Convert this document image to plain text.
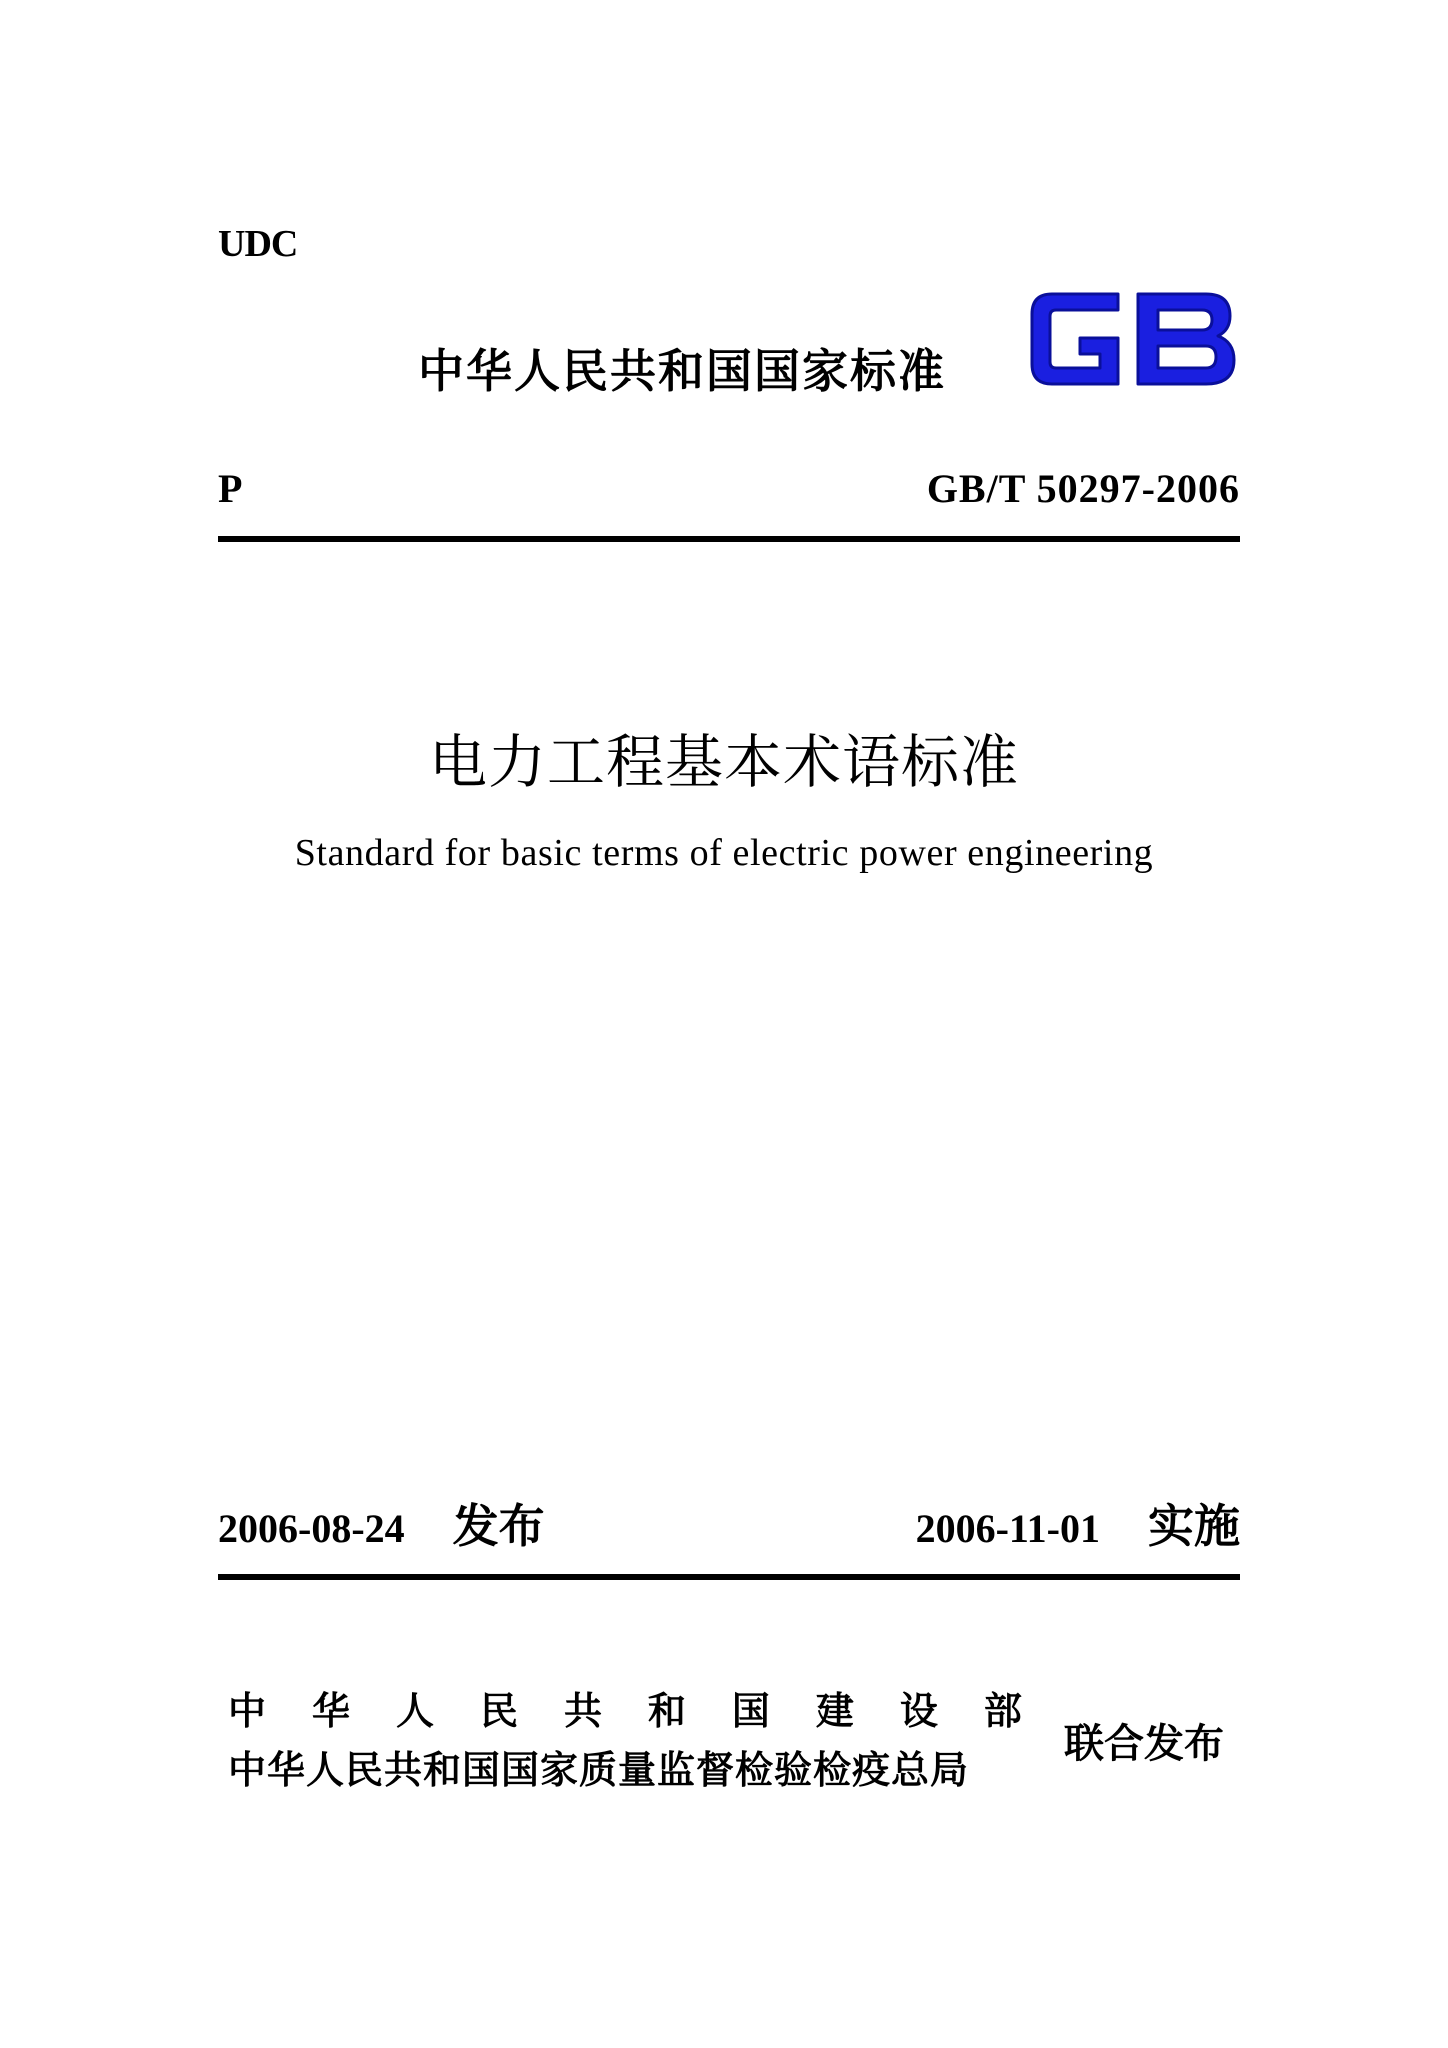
UDC
中华人民共和国国家标准
P	GB/T 50297-2006
电力工程基本术语标准
Standard for basic terms of electric power engineering
2006-08-24 发布	2006-11-01 实施
中 华 人 民 共 和 国 建 设 部
中华人民共和国国家质量监督检验检疫总局
联合发布
